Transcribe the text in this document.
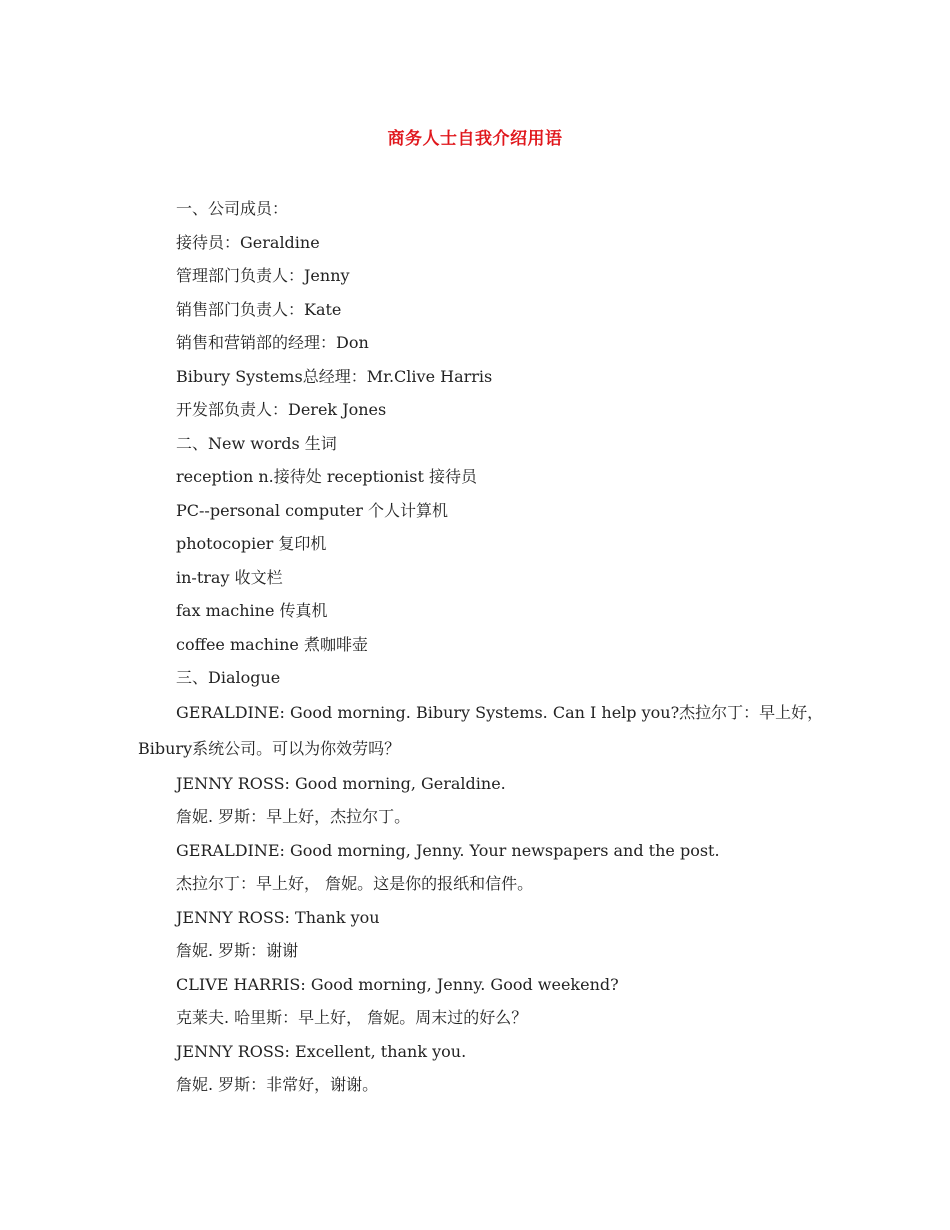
商务人士自我介绍用语
一、公司成员：
接待员：Geraldine
管理部门负责人：Jenny
销售部门负责人：Kate
销售和营销部的经理：Don
Bibury Systems总经理：Mr.Clive Harris
开发部负责人：Derek Jones
二、New words 生词
reception n.接待处 receptionist 接待员
PC--personal computer 个人计算机
photocopier 复印机
in-tray 收文栏
fax machine 传真机
coffee machine 煮咖啡壶
三、Dialogue
GERALDINE: Good morning. Bibury Systems. Can I help you?杰拉尔丁：早上好，Bibury系统公司。可以为你效劳吗？
JENNY ROSS: Good morning, Geraldine.
詹妮. 罗斯：早上好，杰拉尔丁。
GERALDINE: Good morning, Jenny. Your newspapers and the post.
杰拉尔丁：早上好， 詹妮。这是你的报纸和信件。
JENNY ROSS: Thank you
詹妮. 罗斯：谢谢
CLIVE HARRIS: Good morning, Jenny. Good weekend?
克莱夫. 哈里斯：早上好， 詹妮。周末过的好么？
JENNY ROSS: Excellent, thank you.
詹妮. 罗斯：非常好，谢谢。
